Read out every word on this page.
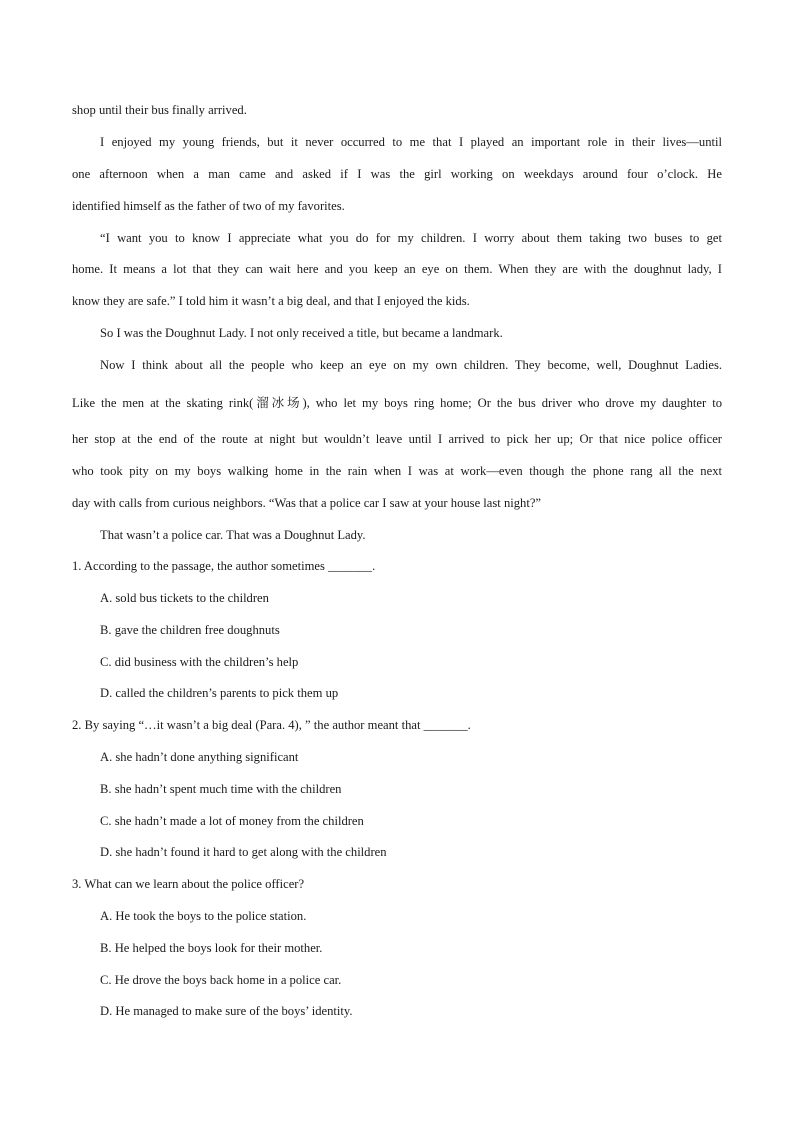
shop until their bus finally arrived.
I enjoyed my young friends, but it never occurred to me that I played an important role in their lives—until
one afternoon when a man came and asked if I was the girl working on weekdays around four o’clock. He
identified himself as the father of two of my favorites.
“I want you to know I appreciate what you do for my children. I worry about them taking two buses to get
home. It means a lot that they can wait here and you keep an eye on them. When they are with the doughnut lady, I
know they are safe.” I told him it wasn’t a big deal, and that I enjoyed the kids.
So I was the Doughnut Lady. I not only received a title, but became a landmark.
Now I think about all the people who keep an eye on my own children. They become, well, Doughnut Ladies.
Like the men at the skating rink(溜冰场), who let my boys ring home; Or the bus driver who drove my daughter to
her stop at the end of the route at night but wouldn’t leave until I arrived to pick her up; Or that nice police officer
who took pity on my boys walking home in the rain when I was at work—even though the phone rang all the next
day with calls from curious neighbors. “Was that a police car I saw at your house last night?”
That wasn’t a police car. That was a Doughnut Lady.
1. According to the passage, the author sometimes _______.
A. sold bus tickets to the children
B. gave the children free doughnuts
C. did business with the children’s help
D. called the children’s parents to pick them up
2. By saying “…it wasn’t a big deal (Para. 4), ” the author meant that _______.
A. she hadn’t done anything significant
B. she hadn’t spent much time with the children
C. she hadn’t made a lot of money from the children
D. she hadn’t found it hard to get along with the children
3. What can we learn about the police officer?
A. He took the boys to the police station.
B. He helped the boys look for their mother.
C. He drove the boys back home in a police car.
D. He managed to make sure of the boys’ identity.
